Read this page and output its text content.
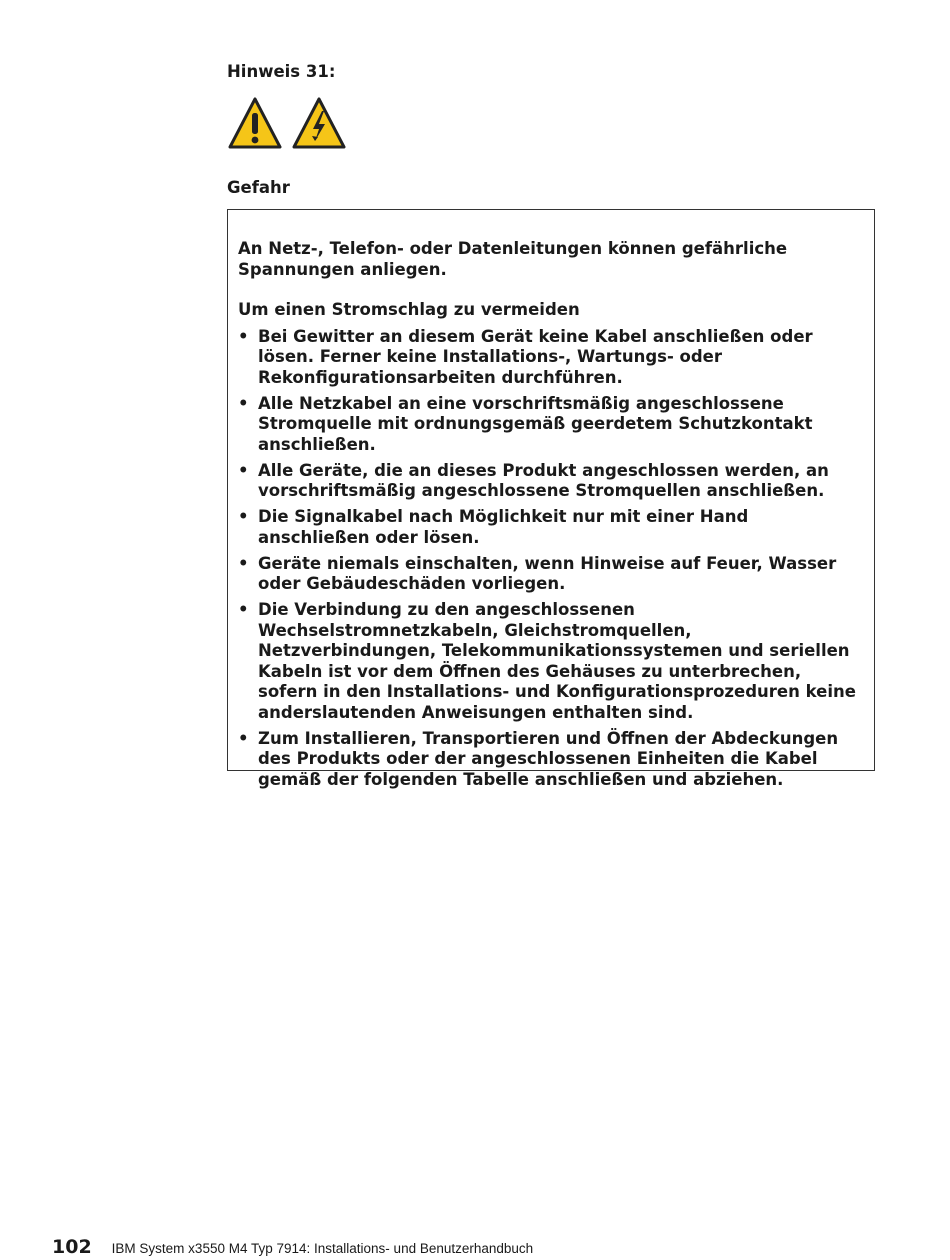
Hinweis 31:
Gefahr

An Netz-, Telefon- oder Datenleitungen können gefährliche Spannungen anliegen.

Um einen Stromschlag zu vermeiden

• Bei Gewitter an diesem Gerät keine Kabel anschließen oder lösen. Ferner keine Installations-, Wartungs- oder Rekonfigurationsarbeiten durchführen.
• Alle Netzkabel an eine vorschriftsmäßig angeschlossene Stromquelle mit ordnungsgemäß geerdetem Schutzkontakt anschließen.
• Alle Geräte, die an dieses Produkt angeschlossen werden, an vorschriftsmäßig angeschlossene Stromquellen anschließen.
• Die Signalkabel nach Möglichkeit nur mit einer Hand anschließen oder lösen.
• Geräte niemals einschalten, wenn Hinweise auf Feuer, Wasser oder Gebäudeschäden vorliegen.
• Die Verbindung zu den angeschlossenen Wechselstromnetzkabeln, Gleichstromquellen, Netzverbindungen, Telekommunikationssystemen und seriellen Kabeln ist vor dem Öffnen des Gehäuses zu unterbrechen, sofern in den Installations- und Konfigurationsprozeduren keine anderslautenden Anweisungen enthalten sind.
• Zum Installieren, Transportieren und Öffnen der Abdeckungen des Produkts oder der angeschlossenen Einheiten die Kabel gemäß der folgenden Tabelle anschließen und abziehen.
102 IBM System x3550 M4 Typ 7914: Installations- und Benutzerhandbuch
